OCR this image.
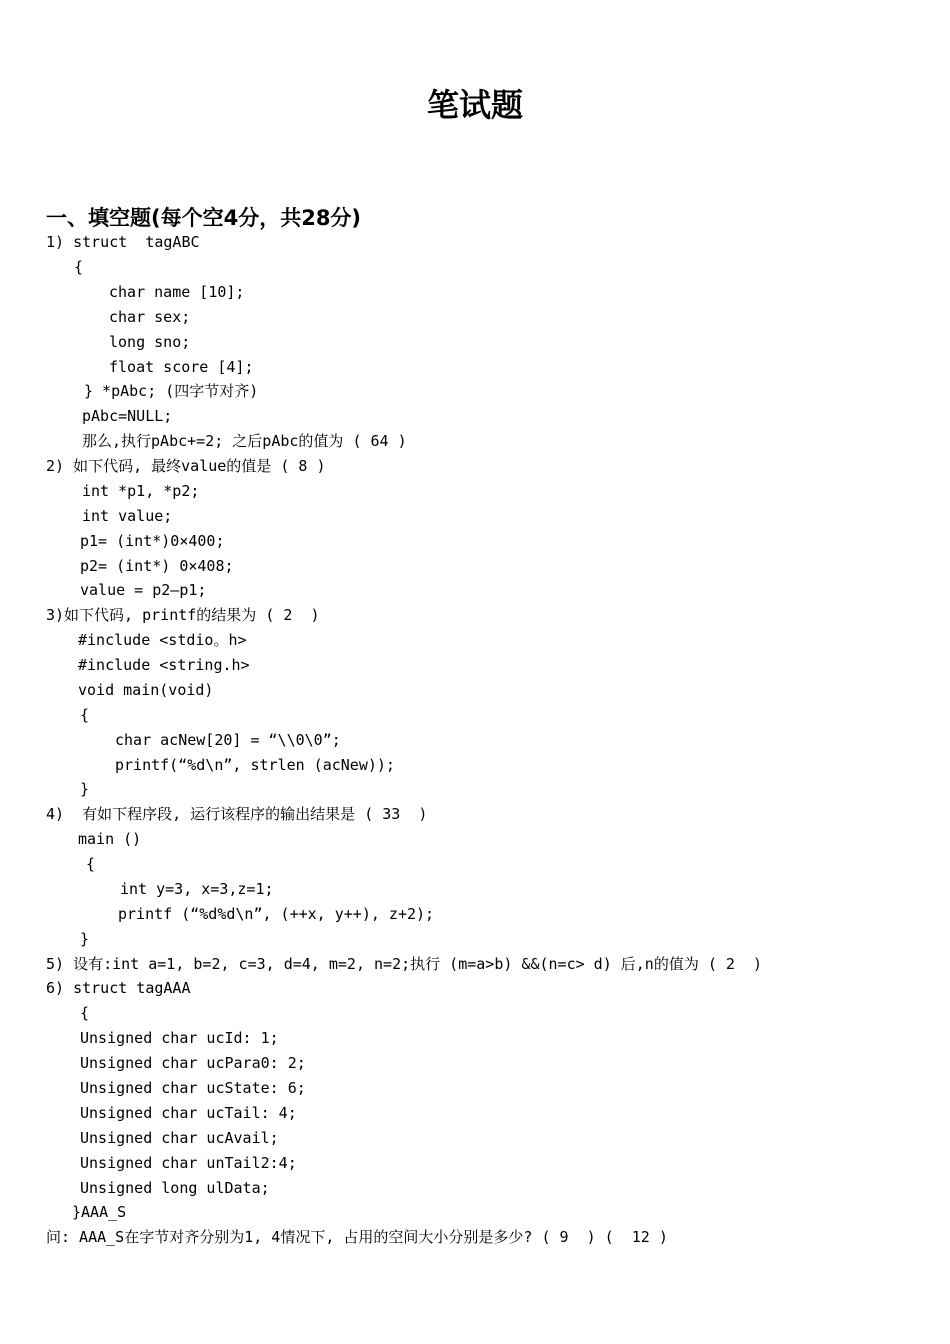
笔试题
一、填空题(每个空4分，共28分)
1) struct  tagABC
{
char name [10];
char sex;
long sno;
float score [4];
} *pAbc; (四字节对齐)
pAbc=NULL;
那么,执行pAbc+=2; 之后pAbc的值为 ( 64 )
2) 如下代码, 最终value的值是 ( 8 )
int *p1, *p2;
int value;
p1= (int*)0×400;
p2= (int*) 0×408;
value = p2—p1;
3)如下代码, printf的结果为 ( 2  )
#include <stdio。h>
#include <string.h>
void main(void)
{
char acNew[20] = “\\0\0”;
printf(“%d\n”, strlen (acNew));
}
4)  有如下程序段, 运行该程序的输出结果是 ( 33  )
main ()
{
int y=3, x=3,z=1;
printf (“%d%d\n”, (++x, y++), z+2);
}
5) 设有:int a=1, b=2, c=3, d=4, m=2, n=2;执行 (m=a>b) &&(n=c> d) 后,n的值为 ( 2  )
6) struct tagAAA
{
Unsigned char ucId: 1;
Unsigned char ucPara0: 2;
Unsigned char ucState: 6;
Unsigned char ucTail: 4;
Unsigned char ucAvail;
Unsigned char unTail2:4;
Unsigned long ulData;
}AAA_S
问: AAA_S在字节对齐分别为1, 4情况下, 占用的空间大小分别是多少? ( 9  ) (  12 )
